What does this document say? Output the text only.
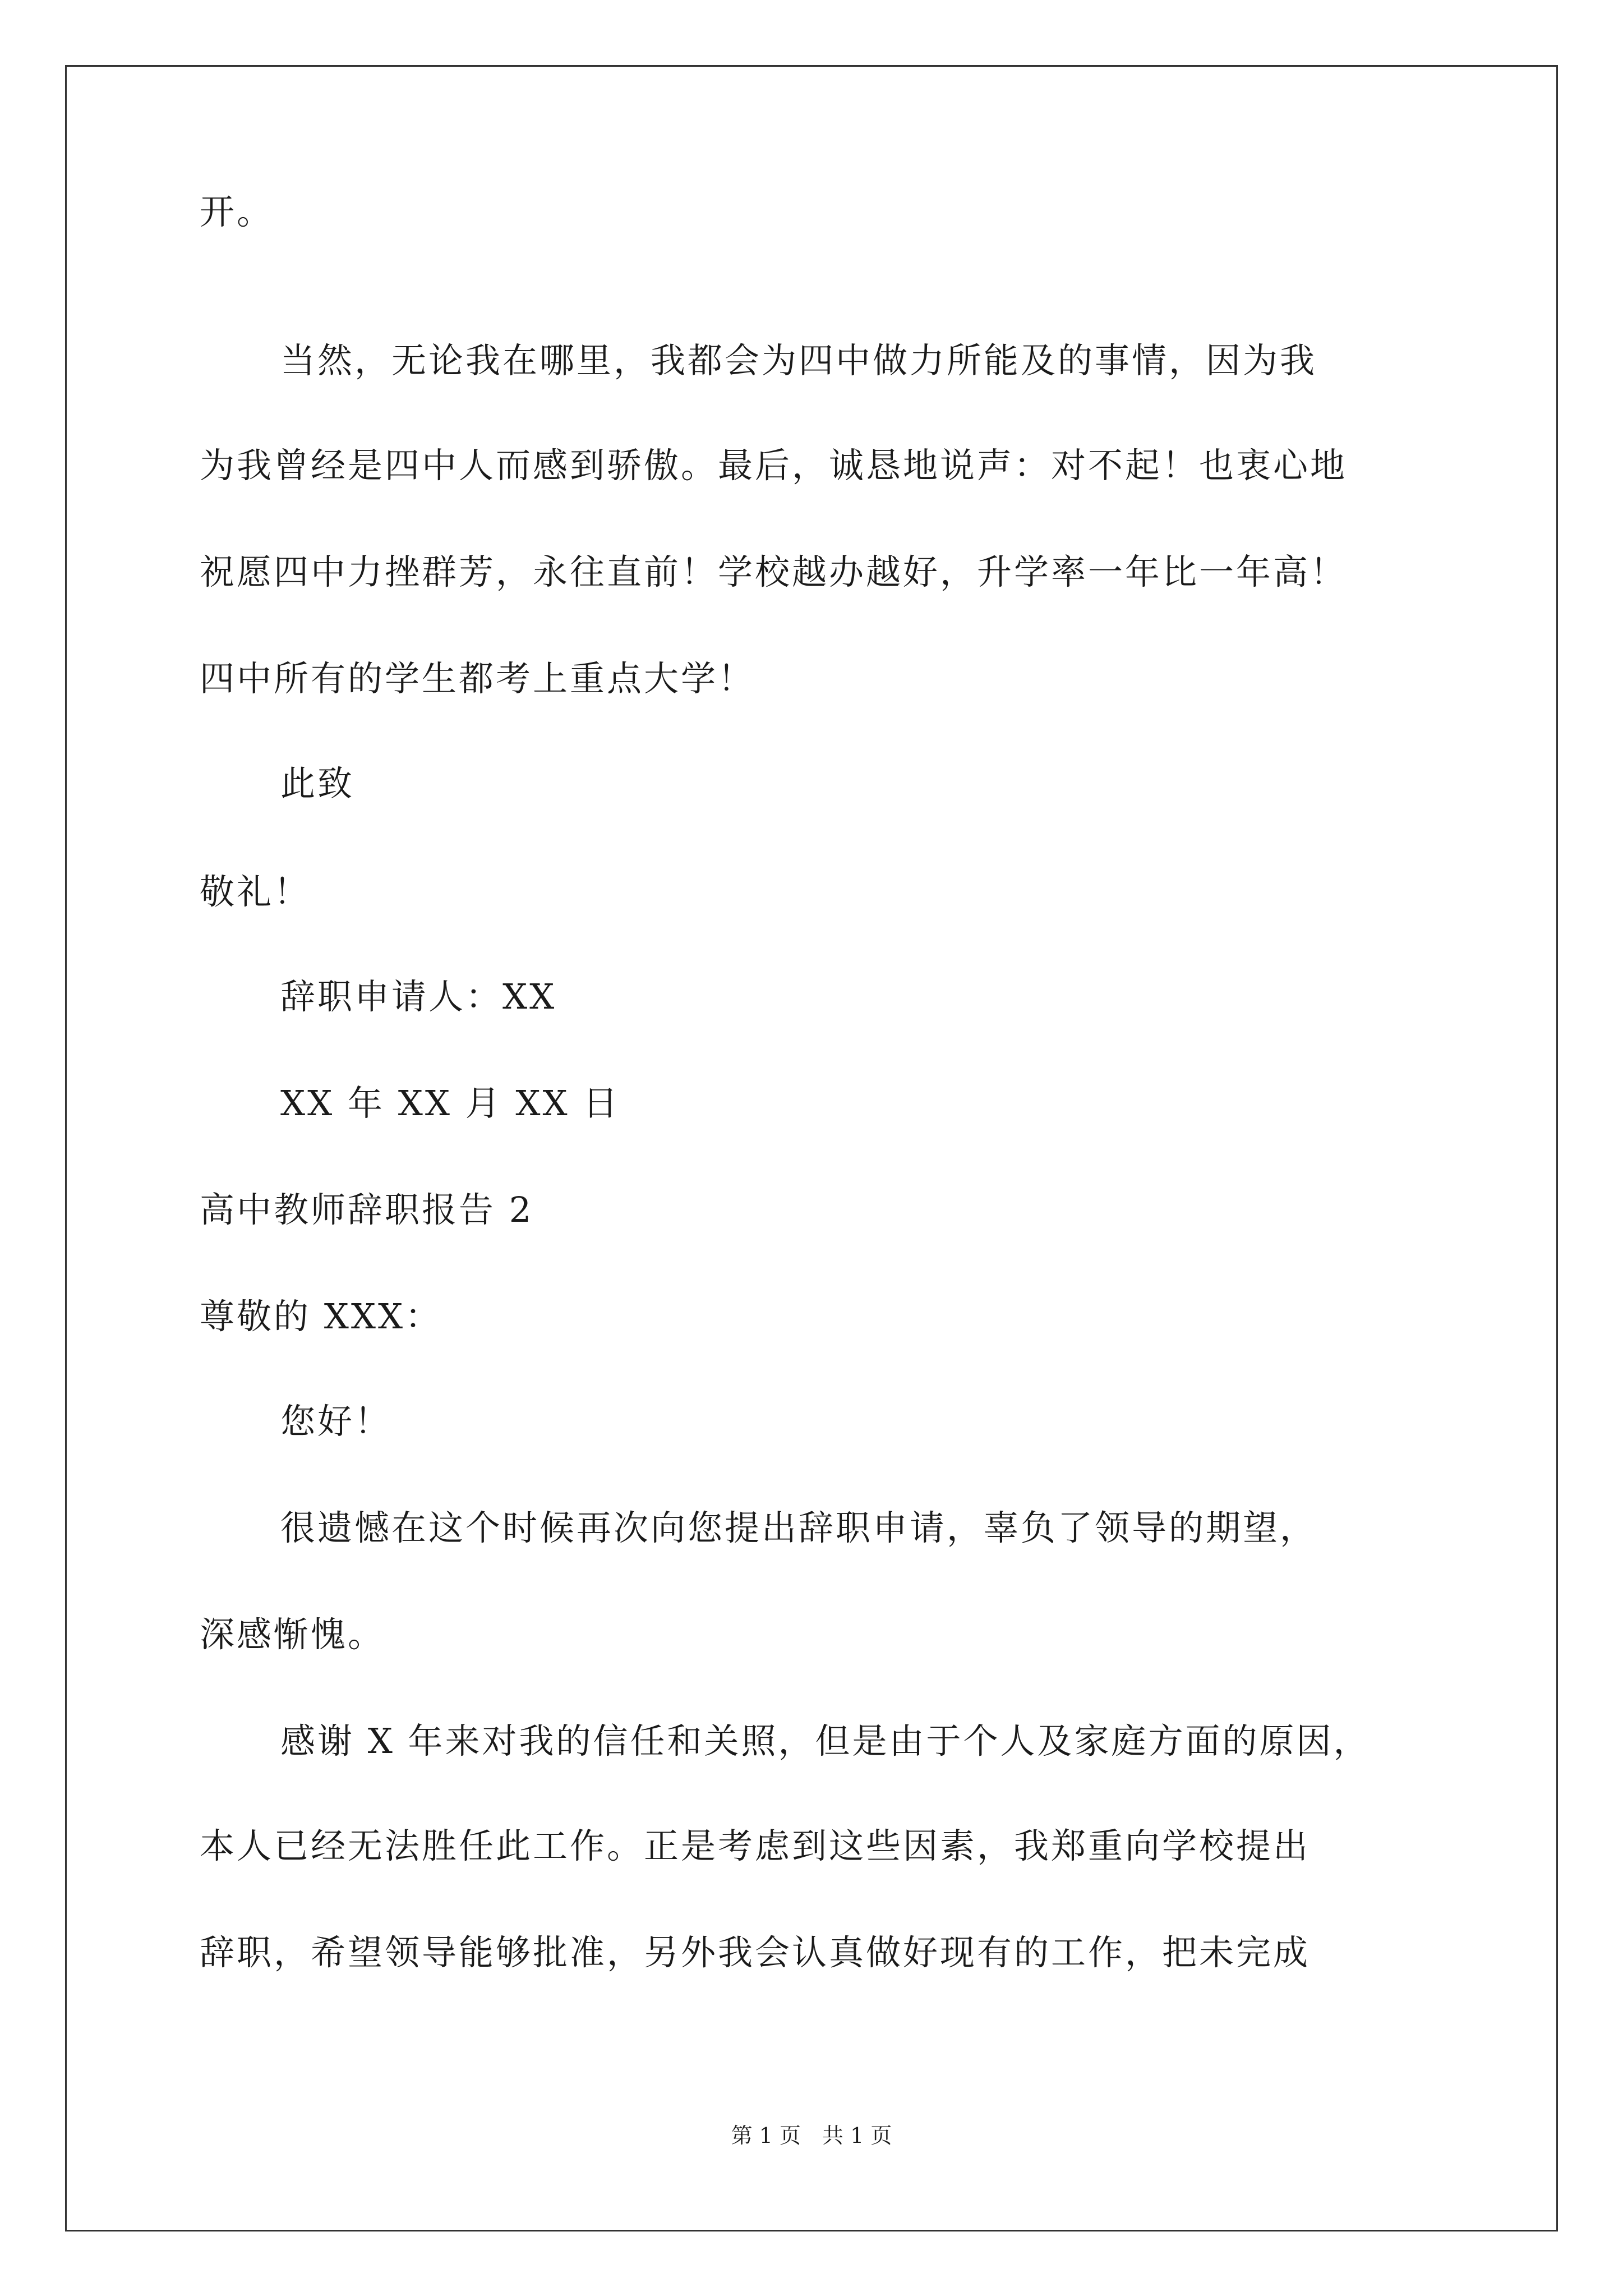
开。
当然，无论我在哪里，我都会为四中做力所能及的事情，因为我
为我曾经是四中人而感到骄傲。最后，诚恳地说声：对不起！也衷心地
祝愿四中力挫群芳，永往直前！学校越办越好，升学率一年比一年高！
四中所有的学生都考上重点大学！
此致
敬礼！
辞职申请人：XX
XX 年 XX 月 XX 日
高中教师辞职报告 2
尊敬的 XXX：
您好！
很遗憾在这个时候再次向您提出辞职申请，辜负了领导的期望，
深感惭愧。
感谢 X 年来对我的信任和关照，但是由于个人及家庭方面的原因，
本人已经无法胜任此工作。正是考虑到这些因素，我郑重向学校提出
辞职，希望领导能够批准，另外我会认真做好现有的工作，把未完成
第 1 页　共 1 页
